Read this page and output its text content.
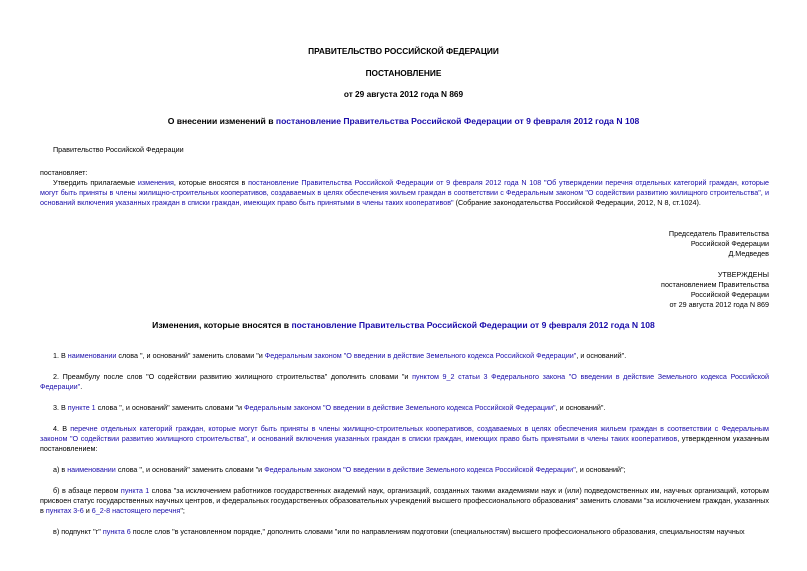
ПРАВИТЕЛЬСТВО РОССИЙСКОЙ ФЕДЕРАЦИИ
ПОСТАНОВЛЕНИЕ
от 29 августа 2012 года N 869
О внесении изменений в постановление Правительства Российской Федерации от 9 февраля 2012 года N 108
Правительство Российской Федерации
постановляет:
Утвердить прилагаемые изменения, которые вносятся в постановление Правительства Российской Федерации от 9 февраля 2012 года N 108 "Об утверждении перечня отдельных категорий граждан, которые могут быть приняты в члены жилищно-строительных кооперативов, создаваемых в целях обеспечения жильем граждан в соответствии с Федеральным законом "О содействии развитию жилищного строительства", и оснований включения указанных граждан в списки граждан, имеющих право быть принятыми в члены таких кооперативов" (Собрание законодательства Российской Федерации, 2012, N 8, ст.1024).
Председатель Правительства
Российской Федерации
Д.Медведев
УТВЕРЖДЕНЫ
постановлением Правительства
Российской Федерации
от 29 августа 2012 года N 869
Изменения, которые вносятся в постановление Правительства Российской Федерации от 9 февраля 2012 года N 108
1. В наименовании слова ", и оснований" заменить словами "и Федеральным законом "О введении в действие Земельного кодекса Российской Федерации", и оснований".
2. Преамбулу после слов "О содействии развитию жилищного строительства" дополнить словами "и пунктом 9_2 статьи 3 Федерального закона "О введении в действие Земельного кодекса Российской Федерации".
3. В пункте 1 слова ", и оснований" заменить словами "и Федеральным законом "О введении в действие Земельного кодекса Российской Федерации", и оснований".
4. В перечне отдельных категорий граждан, которые могут быть приняты в члены жилищно-строительных кооперативов, создаваемых в целях обеспечения жильем граждан в соответствии с Федеральным законом "О содействии развитию жилищного строительства", и оснований включения указанных граждан в списки граждан, имеющих право быть принятыми в члены таких кооперативов, утвержденном указанным постановлением:
а) в наименовании слова ", и оснований" заменить словами "и Федеральным законом "О введении в действие Земельного кодекса Российской Федерации", и оснований";
б) в абзаце первом пункта 1 слова "за исключением работников государственных академий наук, организаций, созданных такими академиями наук и (или) подведомственных им, научных организаций, которым присвоен статус государственных научных центров, и федеральных государственных образовательных учреждений высшего профессионального образования" заменить словами "за исключением граждан, указанных в пунктах 3-6 и 6_2-8 настоящего перечня";
в) подпункт "г" пункта 6 после слов "в установленном порядке," дополнить словами "или по направлениям подготовки (специальностям) высшего профессионального образования, специальностям научных
